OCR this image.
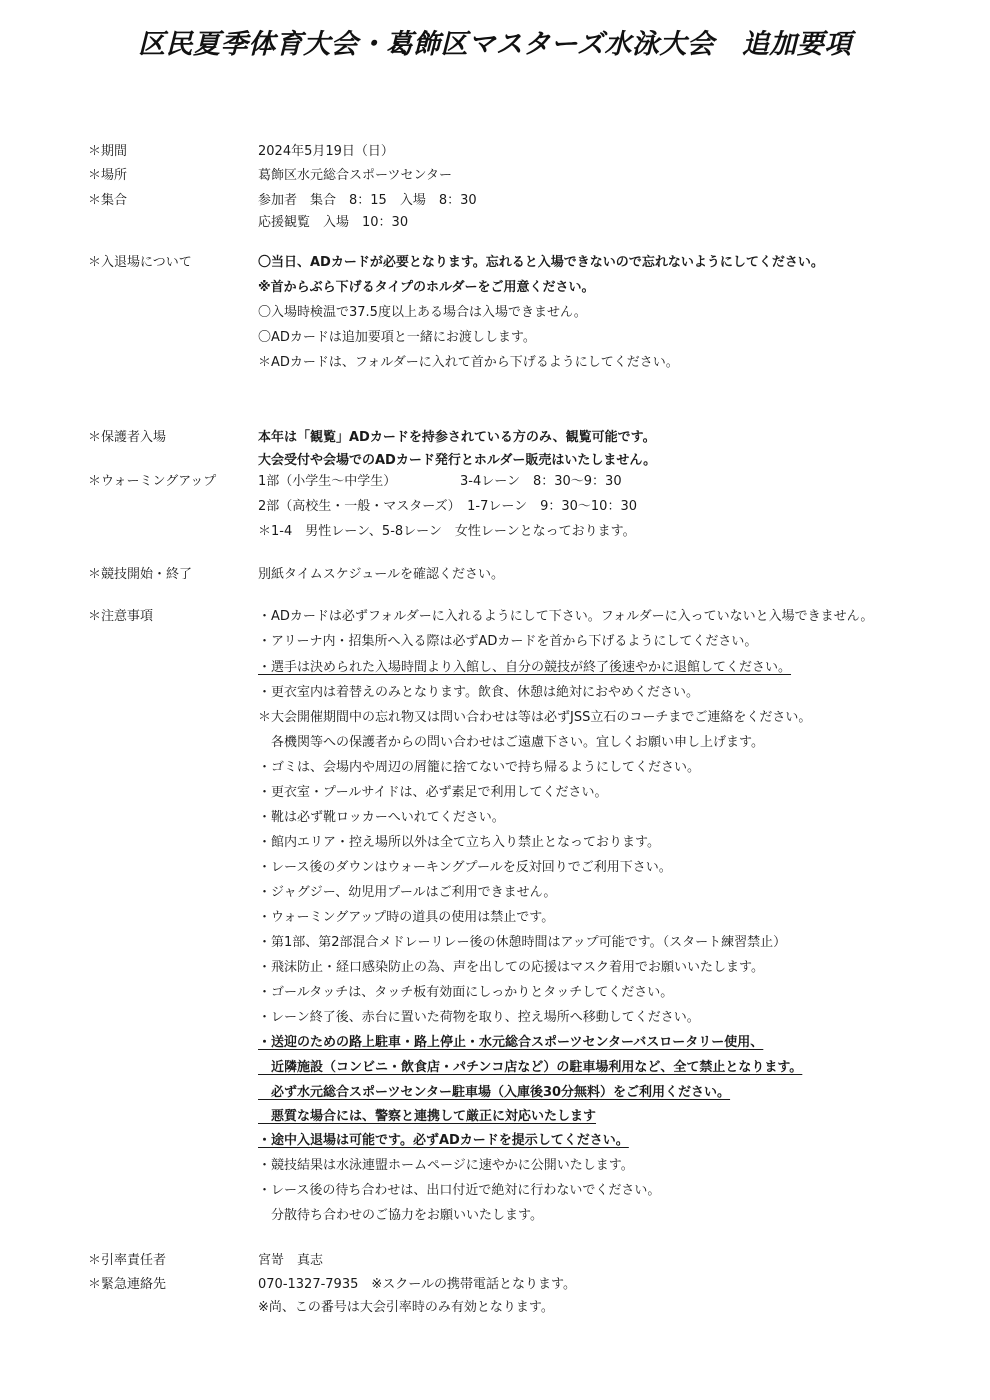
区民夏季体育大会・葛飾区マスターズ水泳大会　追加要項
＊期間	2024年5月19日（日）
＊場所	葛飾区水元総合スポーツセンター
＊集合	参加者　集合　8：15　入場　8：30
応援観覧　入場　10：30
＊入退場について	〇当日、ADカードが必要となります。忘れると入場できないので忘れないようにしてください。
※首からぶら下げるタイプのホルダーをご用意ください。
〇入場時検温で37.5度以上ある場合は入場できません。
〇ADカードは追加要項と一緒にお渡しします。
＊ADカードは、フォルダーに入れて首から下げるようにしてください。
＊保護者入場	本年は「観覧」ADカードを持参されている方のみ、観覧可能です。
大会受付や会場でのADカード発行とホルダー販売はいたしません。
＊ウォーミングアップ	1部（小学生～中学生）	3-4レーン　8：30～9：30
2部（高校生・一般・マスターズ）　1-7レーン　9：30～10：30
＊1-4　男性レーン、5-8レーン　女性レーンとなっております。
＊競技開始・終了	別紙タイムスケジュールを確認ください。
＊注意事項	・ADカードは必ずフォルダーに入れるようにして下さい。フォルダーに入っていないと入場できません。
・アリーナ内・招集所へ入る際は必ずADカードを首から下げるようにしてください。
・選手は決められた入場時間より入館し、自分の競技が終了後速やかに退館してください。
・更衣室内は着替えのみとなります。飲食、休憩は絶対におやめください。
＊大会開催期間中の忘れ物又は問い合わせは等は必ずJSS立石のコーチまでご連絡をください。
　各機関等への保護者からの問い合わせはご遠慮下さい。宜しくお願い申し上げます。
・ゴミは、会場内や周辺の屑籠に捨てないで持ち帰るようにしてください。
・更衣室・プールサイドは、必ず素足で利用してください。
・靴は必ず靴ロッカーへいれてください。
・館内エリア・控え場所以外は全て立ち入り禁止となっております。
・レース後のダウンはウォーキングプールを反対回りでご利用下さい。
・ジャグジー、幼児用プールはご利用できません。
・ウォーミングアップ時の道具の使用は禁止です。
・第1部、第2部混合メドレーリレー後の休憩時間はアップ可能です。（スタート練習禁止）
・飛沫防止・経口感染防止の為、声を出しての応援はマスク着用でお願いいたします。
・ゴールタッチは、タッチ板有効面にしっかりとタッチしてください。
・レーン終了後、赤台に置いた荷物を取り、控え場所へ移動してください。
・送迎のための路上駐車・路上停止・水元総合スポーツセンターバスロータリー使用、
　近隣施設（コンビニ・飲食店・パチンコ店など）の駐車場利用など、全て禁止となります。
　必ず水元総合スポーツセンター駐車場（入庫後30分無料）をご利用ください。
　悪質な場合には、警察と連携して厳正に対応いたします
・途中入退場は可能です。必ずADカードを提示してください。
・競技結果は水泳連盟ホームページに速やかに公開いたします。
・レース後の待ち合わせは、出口付近で絶対に行わないでください。
　分散待ち合わせのご協力をお願いいたします。
＊引率責任者	宮嵜　真志
＊緊急連絡先	070-1327-7935　※スクールの携帯電話となります。
※尚、この番号は大会引率時のみ有効となります。
